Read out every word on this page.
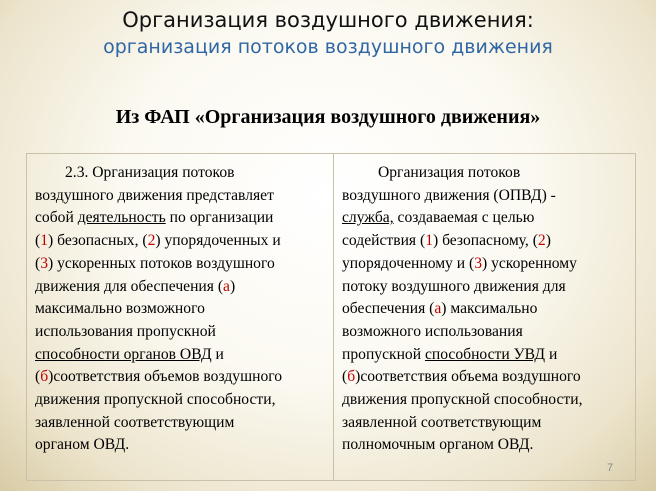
Организация воздушного движения:
организация потоков воздушного движения
Из ФАП «Организация воздушного движения»
2.3. Организация потоков
воздушного движения представляет
собой деятельность по организации
(1) безопасных, (2) упорядоченных и
(3) ускоренных потоков воздушного
движения для обеспечения (а)
максимально возможного
использования пропускной
способности органов ОВД и
(б)соответствия объемов воздушного
движения пропускной способности,
заявленной соответствующим
органом ОВД.
Организация потоков
воздушного движения (ОПВД) -
служба, создаваемая с целью
содействия (1) безопасному, (2)
упорядоченному и (3) ускоренному
потоку воздушного движения для
обеспечения (а) максимально
возможного использования
пропускной способности УВД и
(б)соответствия объема воздушного
движения пропускной способности,
заявленной соответствующим
полномочным органом ОВД.
7
